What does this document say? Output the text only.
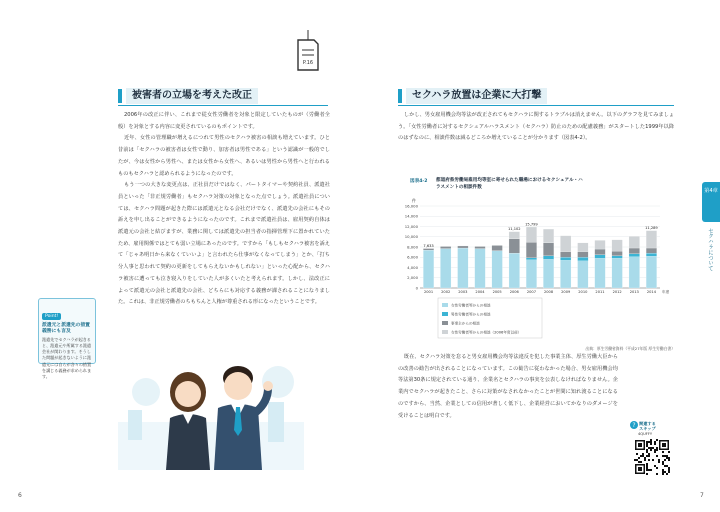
P.16
被害者の立場を考えた改正

2006年の改正に伴い、これまで従女性労働者を対象と限定していたものが（労働者全般）を対象とする内容に変更されているのもポイントです。

近年、女性の管理職が増えるにつれて男性のセクハラ被害の相談も増えています。ひと昔前は「セクハラの被害者は女性で動り、加害者は男性である」という認識が一般的でしたが、今は女性から男性へ、または女性から女性へ、あるいは男性から男性へと行われるものもセクハラと認められるようになったのです。

もう一つの大きな変更点は、正社員だけではなく、パートタイマーや契約社員、派遣社員といった「非正規労働者」もセクハラ対策の対象となった点でしょう。派遣社員については、セクハラ問題が起きた際には派遣元となる会社だけでなく、派遣先の会社にもその訴えを申し出ることができるようになったのです。これまで派遣社員は、雇用契約自体は派遣元の会社と結びますが、業務に関しては派遣先の担当者の指揮管理下に置かれていたため、雇用関係ではとても弱い立場にあったのです。ですから「もしもセクハラ被害を訴えて「じゃあ明日から来なくていいよ」と言われたら仕事がなくなってしまう」とか、「打ち分人事と思われて契約の更新をしてもらえないかもしれない」といった心配から、セクハラ被害に遭っても泣き寝入りをしていた人が多くいたと考えられます。しかし、法改正によって派遣元の会社と派遣先の会社、どちらにも対応する義務が課されることになりました。これは、非正規労働者のちもちんと人権が尊重される形になったということです。

Point!
派遣元と派遣先の措置義務にも言及
派遣先でセクハラが起きると、派遣元や所属する派遣会社が関わります。そうした問題が起きないように派遣元には自らが各々の措置を講じる義務が求められます。
6
セクハラ放置は企業に大打撃

しかし、男女雇用機会均等法が改正されてもセクハラに関するトラブルは消えません。以下のグラフを見てみましょう。「女性労働者に対するセクシュアルハラスメント（セクハラ）防止のための配慮義務」がスタートした1999年以降のはずなのに、相談件数は減るどころか増えていることが分かります（図表4-2）。

図表4-2 都道府県労働局雇用均等室に寄せられた職場におけるセクシュアル・ハラスメントの相談件数
件
0
2,000
4,000
6,000
8,000
10,000
12,000
14,000
16,000
2001 2002 2003 2004 2005 2006 2007 2008 2009 2010 2011 2012 2013 2014 年度
7,633
11,102
15,799
11,289
女性労働者等からの相談
男性労働者等からの相談
事業主からの相談
女性労働者等からの相談（2006年度以前）
出典：厚生労働省資料（平成27年版 厚生労働白書）

既在、セクハラ対策を怠ると男女雇用機会均等法違反を犯した事業主体、厚生労働大臣からの改善の勧告が出されることになっています。この勧告に従わなかった場合、男女雇用機会均等法第30条に規定されている通り、企業名とセクハラの事実を公表しなければなりません。企業内でセクハラが起きたこと、さらに対策がなされなかったことが世間に知れ渡ることになるのですから、当然、企業としての信用が著しく低下し、企業経営においてかなりのダメージを受けることは明白です。

第4章
セクハラについて
? 関連する
スキップ
4QUFFY
7
